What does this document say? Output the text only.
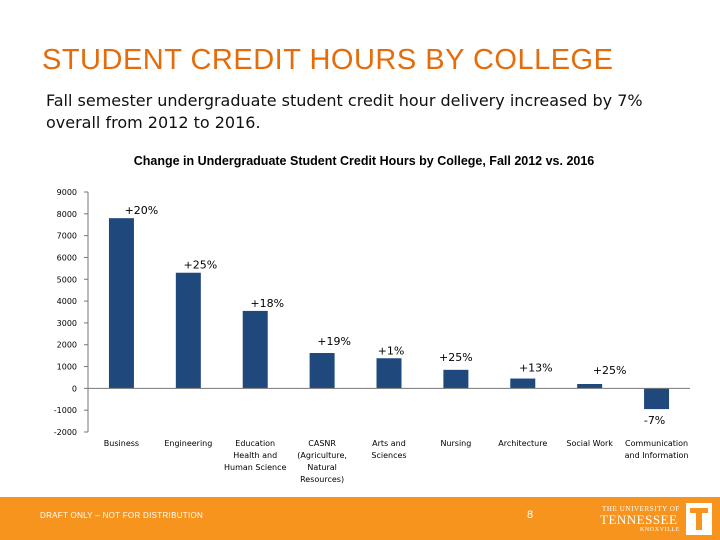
STUDENT CREDIT HOURS BY COLLEGE
Fall semester undergraduate student credit hour delivery increased by 7% overall from 2012 to 2016.
Change in Undergraduate Student Credit Hours by College, Fall 2012 vs. 2016
9000
8000
7000
6000
5000
4000
3000
2000
1000
0
-1000
-2000
+20%
Business
+25%
Engineering
+18%
Education Health and Human Science
+19%
CASNR (Agriculture, Natural Resources)
+1%
Arts and Sciences
+25%
Nursing
+13%
Architecture
+25%
Social Work
-7%
Communication and Information
DRAFT ONLY – NOT FOR DISTRIBUTION	8	THE UNIVERSITY OF
TENNESSEE
KNOXVILLE
